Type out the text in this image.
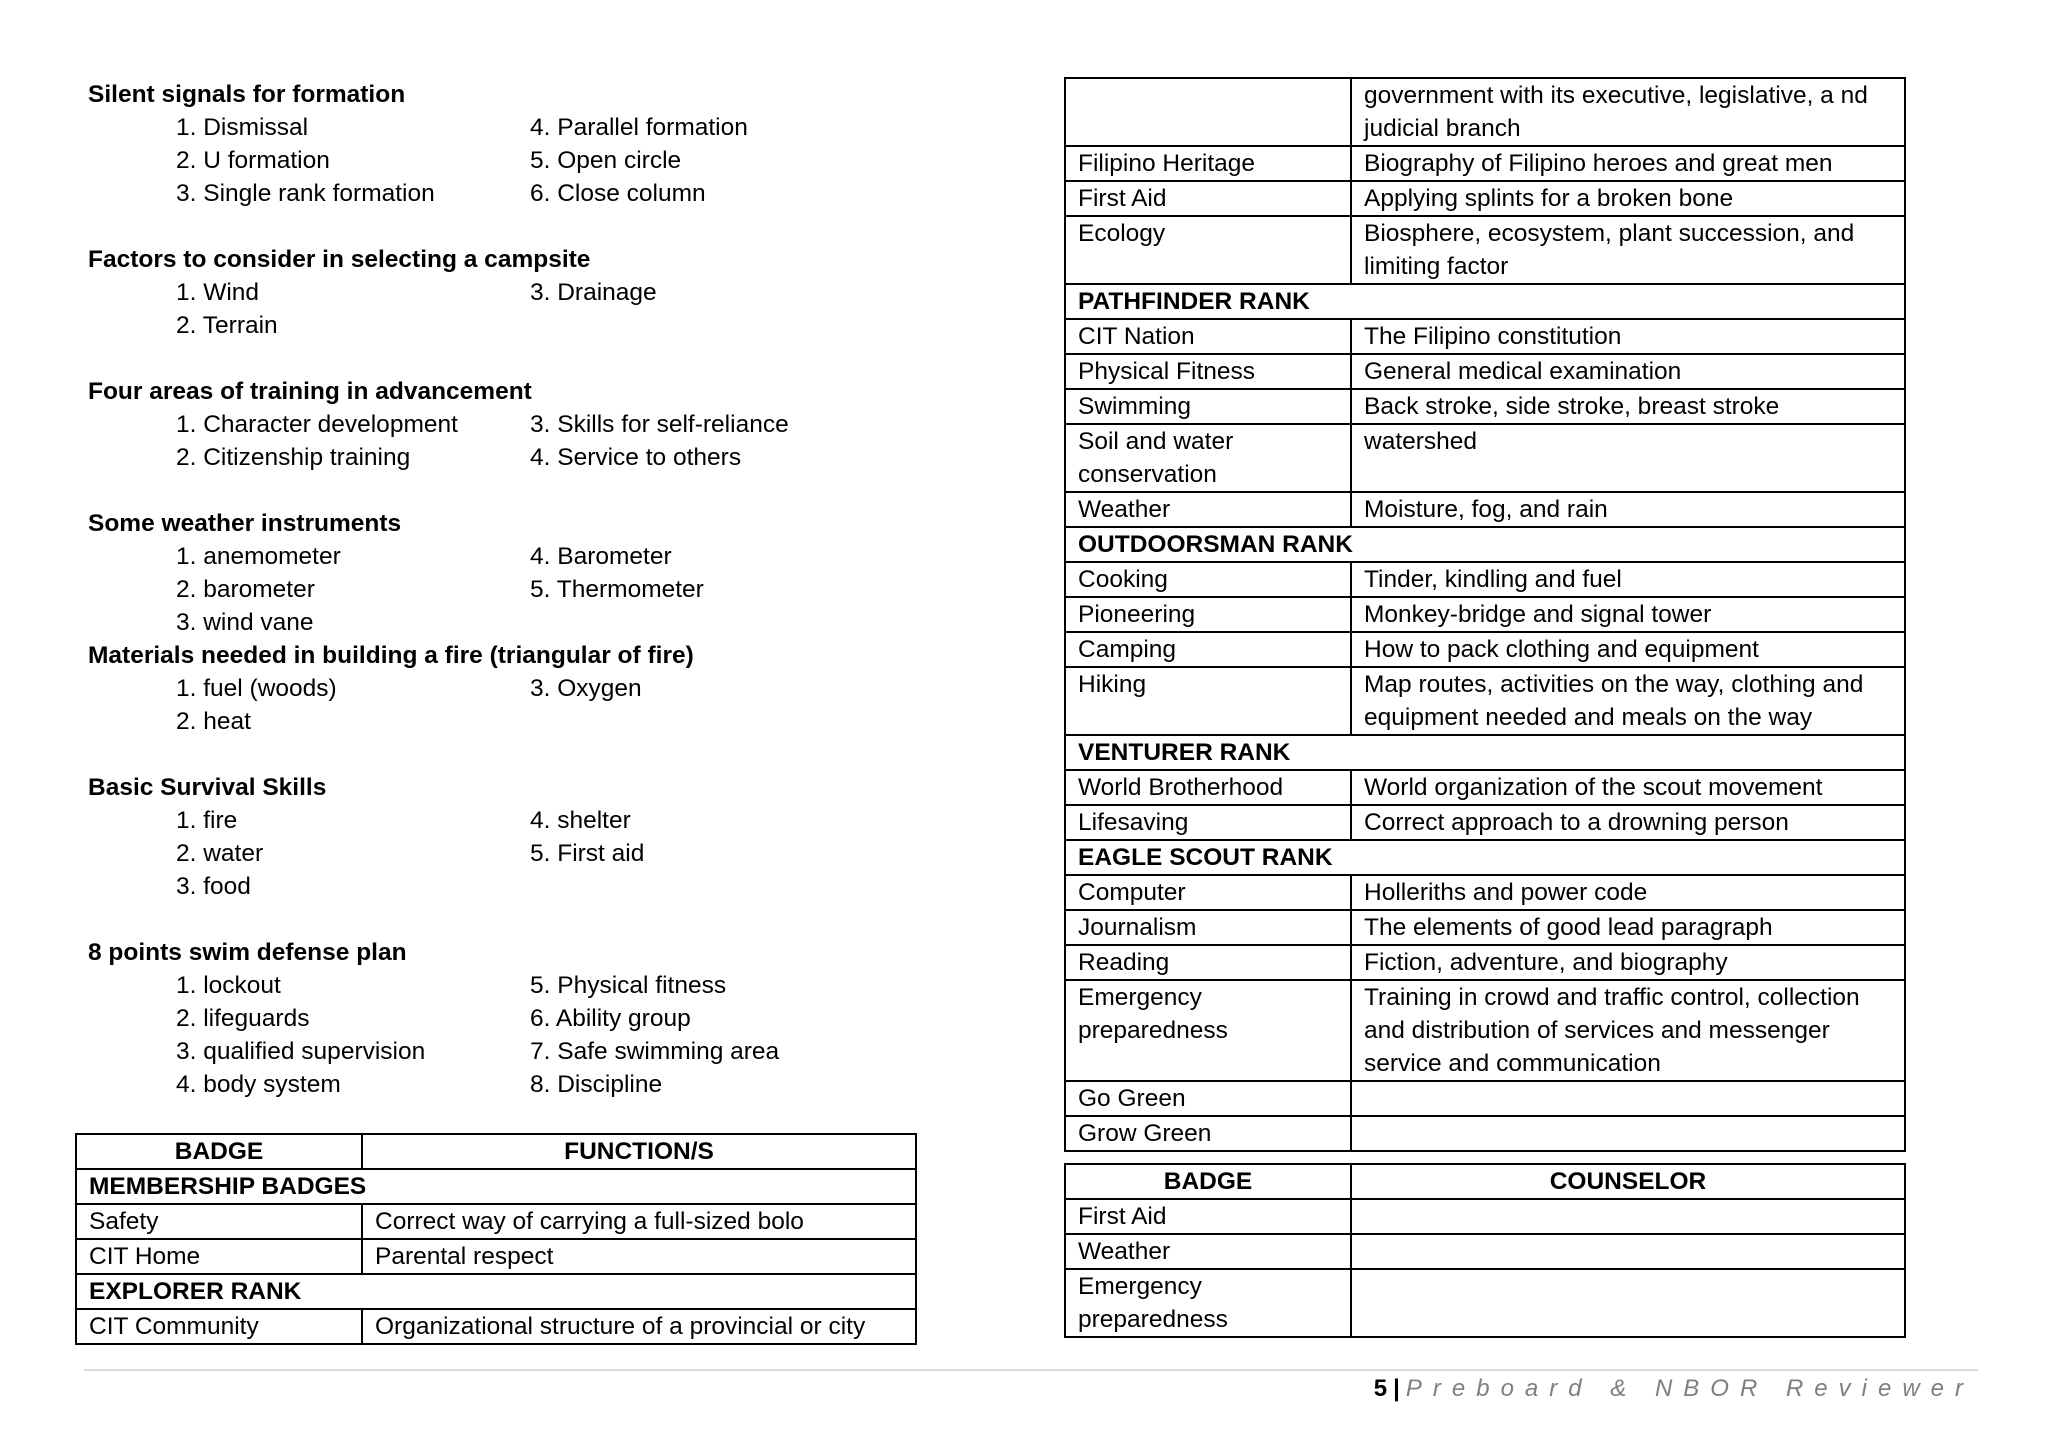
Silent signals for formation
1. Dismissal	4. Parallel formation
2. U formation	5. Open circle
3. Single rank formation	6. Close column
Factors to consider in selecting a campsite
1. Wind	3. Drainage
2. Terrain
Four areas of training in advancement
1. Character development	3. Skills for self-reliance
2. Citizenship training	4. Service to others
Some weather instruments
1. anemometer	4. Barometer
2. barometer	5. Thermometer
3. wind vane
Materials needed in building a fire (triangular of fire)
1. fuel (woods)	3. Oxygen
2. heat
Basic Survival Skills
1. fire	4. shelter
2. water	5. First aid
3. food
8 points swim defense plan
1. lockout	5. Physical fitness
2. lifeguards	6. Ability group
3. qualified supervision	7. Safe swimming area
4. body system	8. Discipline
BADGE	FUNCTION/S
MEMBERSHIP BADGES	
Safety	Correct way of carrying a full-sized bolo
CIT Home	Parental respect
EXPLORER RANK	
CIT Community	Organizational structure of a provincial or city
	government with its executive, legislative, a nd judicial branch
Filipino Heritage	Biography of Filipino heroes and great men
First Aid	Applying splints for a broken bone
Ecology	Biosphere, ecosystem, plant succession, and limiting factor
PATHFINDER RANK	
CIT Nation	The Filipino constitution
Physical Fitness	General medical examination
Swimming	Back stroke, side stroke, breast stroke
Soil and water conservation	watershed
Weather	Moisture, fog, and rain
OUTDOORSMAN RANK	
Cooking	Tinder, kindling and fuel
Pioneering	Monkey-bridge and signal tower
Camping	How to pack clothing and equipment
Hiking	Map routes, activities on the way, clothing and equipment needed and meals on the way
VENTURER RANK	
World Brotherhood	World organization of the scout movement
Lifesaving	Correct approach to a drowning person
EAGLE SCOUT RANK	
Computer	Holleriths and power code
Journalism	The elements of good lead paragraph
Reading	Fiction, adventure, and biography
Emergency preparedness	Training in crowd and traffic control, collection and distribution of services and messenger service and communication
Go Green	
Grow Green	
BADGE	COUNSELOR
First Aid	
Weather	
Emergency preparedness	
5 | Preboard & NBOR Reviewer
